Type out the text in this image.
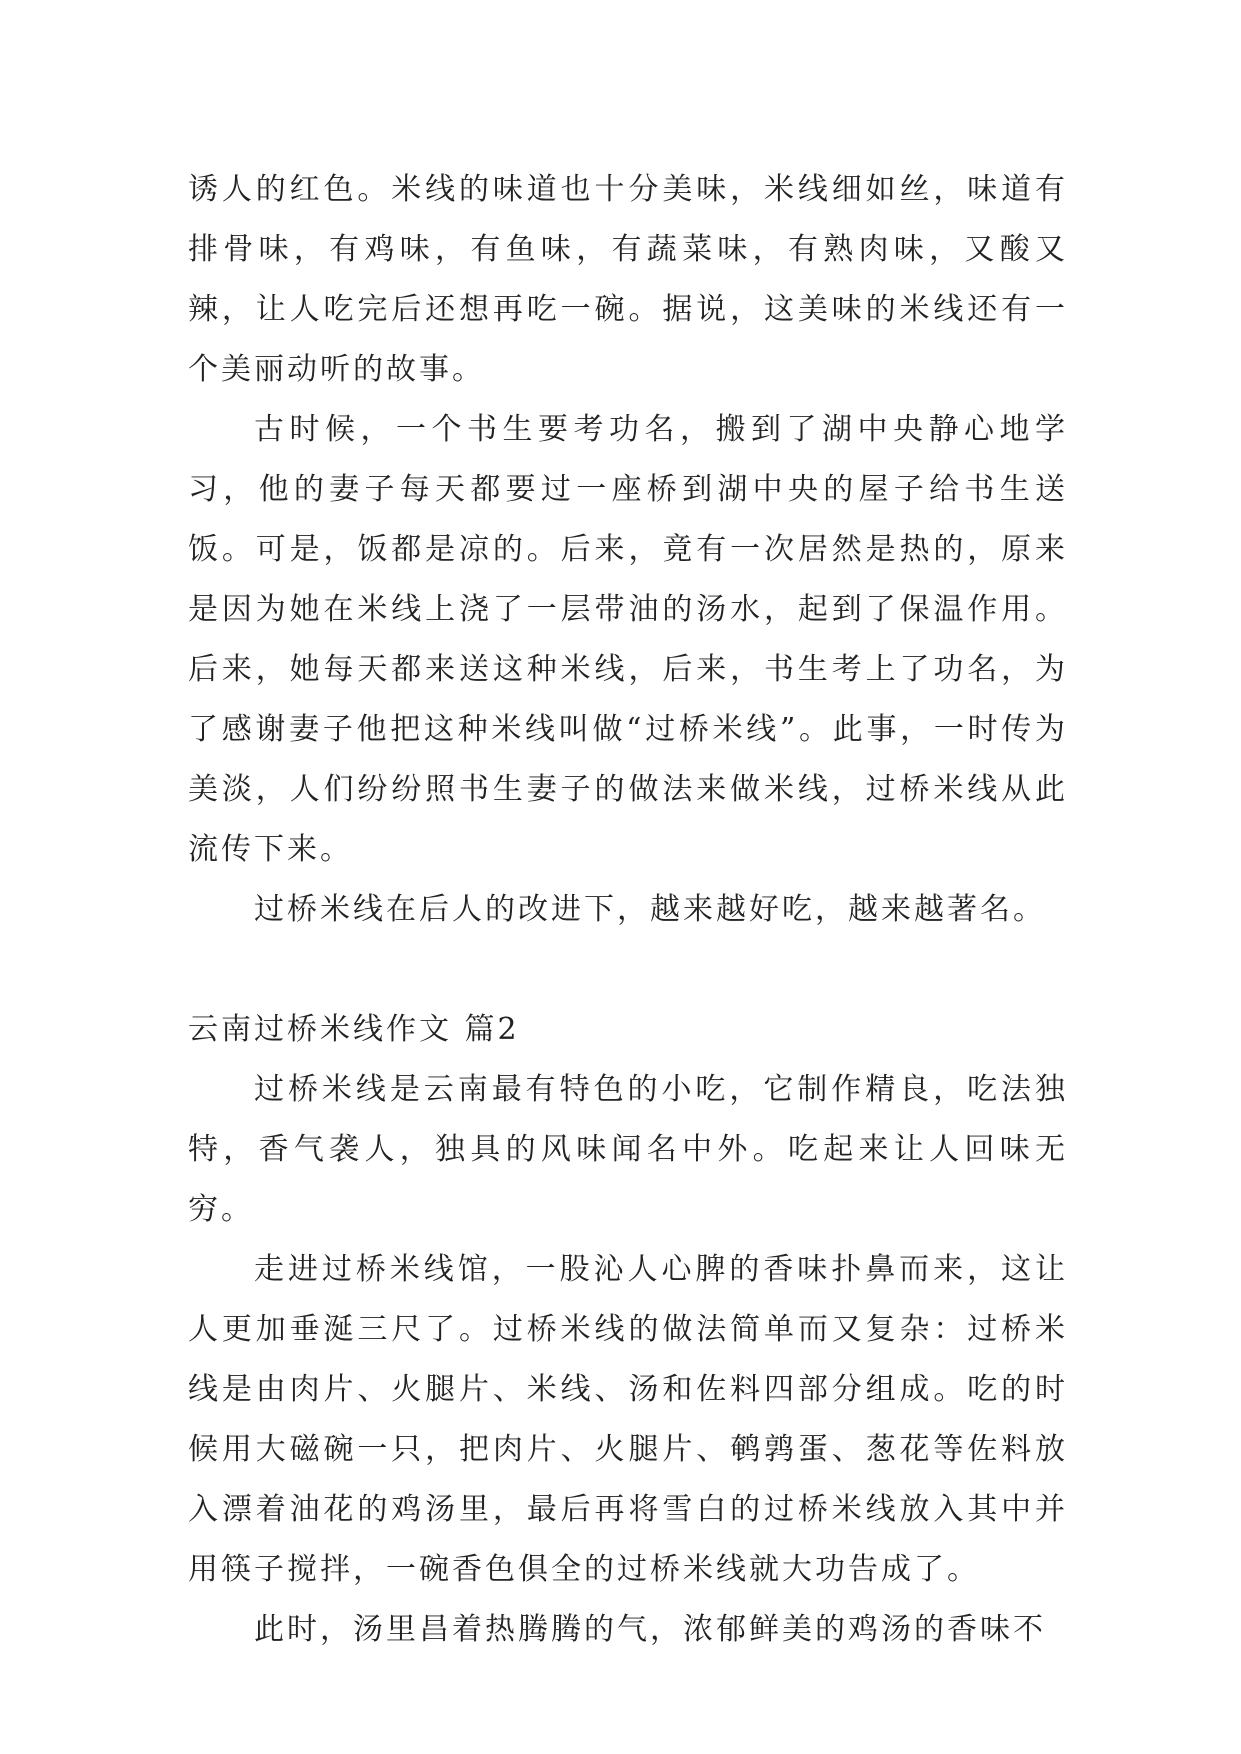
诱人的红色。米线的味道也十分美味，米线细如丝，味道有排骨味，有鸡味，有鱼味，有蔬菜味，有熟肉味，又酸又辣，让人吃完后还想再吃一碗。据说，这美味的米线还有一个美丽动听的故事。

古时候，一个书生要考功名，搬到了湖中央静心地学习，他的妻子每天都要过一座桥到湖中央的屋子给书生送饭。可是，饭都是凉的。后来，竟有一次居然是热的，原来是因为她在米线上浇了一层带油的汤水，起到了保温作用。后来，她每天都来送这种米线，后来，书生考上了功名，为了感谢妻子他把这种米线叫做“过桥米线”。此事，一时传为美淡，人们纷纷照书生妻子的做法来做米线，过桥米线从此流传下来。

过桥米线在后人的改进下，越来越好吃，越来越著名。

云南过桥米线作文 篇2

过桥米线是云南最有特色的小吃，它制作精良，吃法独特，香气袭人，独具的风味闻名中外。吃起来让人回味无穷。

走进过桥米线馆，一股沁人心脾的香味扑鼻而来，这让人更加垂涎三尺了。过桥米线的做法简单而又复杂：过桥米线是由肉片、火腿片、米线、汤和佐料四部分组成。吃的时候用大磁碗一只，把肉片、火腿片、鹌鹑蛋、葱花等佐料放入漂着油花的鸡汤里，最后再将雪白的过桥米线放入其中并用筷子搅拌，一碗香色俱全的过桥米线就大功告成了。

此时，汤里昌着热腾腾的气，浓郁鲜美的鸡汤的香味不
